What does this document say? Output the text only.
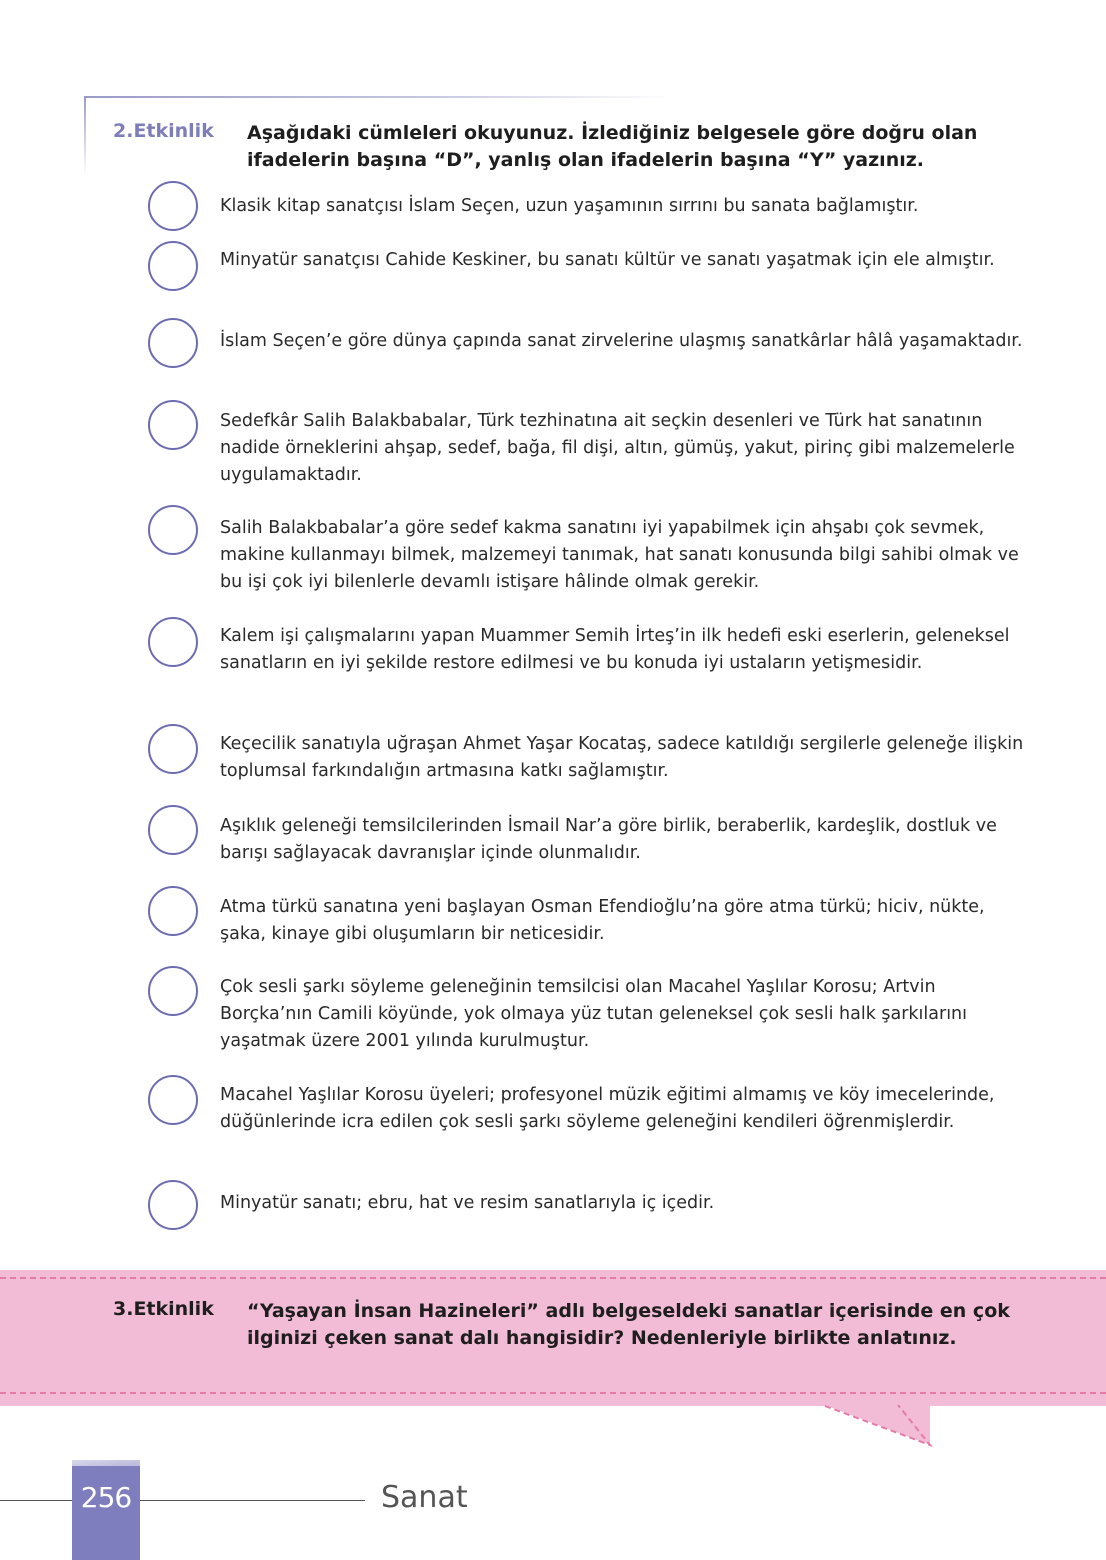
2.Etkinlik Aşağıdaki cümleleri okuyunuz. İzlediğiniz belgesele göre doğru olan ifadelerin başına “D”, yanlış olan ifadelerin başına “Y” yazınız.
Klasik kitap sanatçısı İslam Seçen, uzun yaşamının sırrını bu sanata bağlamıştır.
Minyatür sanatçısı Cahide Keskiner, bu sanatı kültür ve sanatı yaşatmak için ele almıştır.
İslam Seçen’e göre dünya çapında sanat zirvelerine ulaşmış sanatkârlar hâlâ yaşamaktadır.
Sedefkâr Salih Balakbabalar, Türk tezhinatına ait seçkin desenleri ve Türk hat sanatının nadide örneklerini ahşap, sedef, bağa, fil dişi, altın, gümüş, yakut, pirinç gibi malzemelerle uygulamaktadır.
Salih Balakbabalar’a göre sedef kakma sanatını iyi yapabilmek için ahşabı çok sevmek, makine kullanmayı bilmek, malzemeyi tanımak, hat sanatı konusunda bilgi sahibi olmak ve bu işi çok iyi bilenlerle devamlı istişare hâlinde olmak gerekir.
Kalem işi çalışmalarını yapan Muammer Semih İrteş’in ilk hedefi eski eserlerin, geleneksel sanatların en iyi şekilde restore edilmesi ve bu konuda iyi ustaların yetişmesidir.
Keçecilik sanatıyla uğraşan Ahmet Yaşar Kocataş, sadece katıldığı sergilerle geleneğe ilişkin toplumsal farkındalığın artmasına katkı sağlamıştır.
Aşıklık geleneği temsilcilerinden İsmail Nar’a göre birlik, beraberlik, kardeşlik, dostluk ve barışı sağlayacak davranışlar içinde olunmalıdır.
Atma türkü sanatına yeni başlayan Osman Efendioğlu’na göre atma türkü; hiciv, nükte, şaka, kinaye gibi oluşumların bir neticesidir.
Çok sesli şarkı söyleme geleneğinin temsilcisi olan Macahel Yaşlılar Korosu; Artvin Borçka’nın Camili köyünde, yok olmaya yüz tutan geleneksel çok sesli halk şarkılarını yaşatmak üzere 2001 yılında kurulmuştur.
Macahel Yaşlılar Korosu üyeleri; profesyonel müzik eğitimi almamış ve köy imecelerinde, düğünlerinde icra edilen çok sesli şarkı söyleme geleneğini kendileri öğrenmişlerdir.
Minyatür sanatı; ebru, hat ve resim sanatlarıyla iç içedir.
3.Etkinlik “Yaşayan İnsan Hazineleri” adlı belgeseldeki sanatlar içerisinde en çok ilginizi çeken sanat dalı hangisidir? Nedenleriyle birlikte anlatınız.
256	Sanat
